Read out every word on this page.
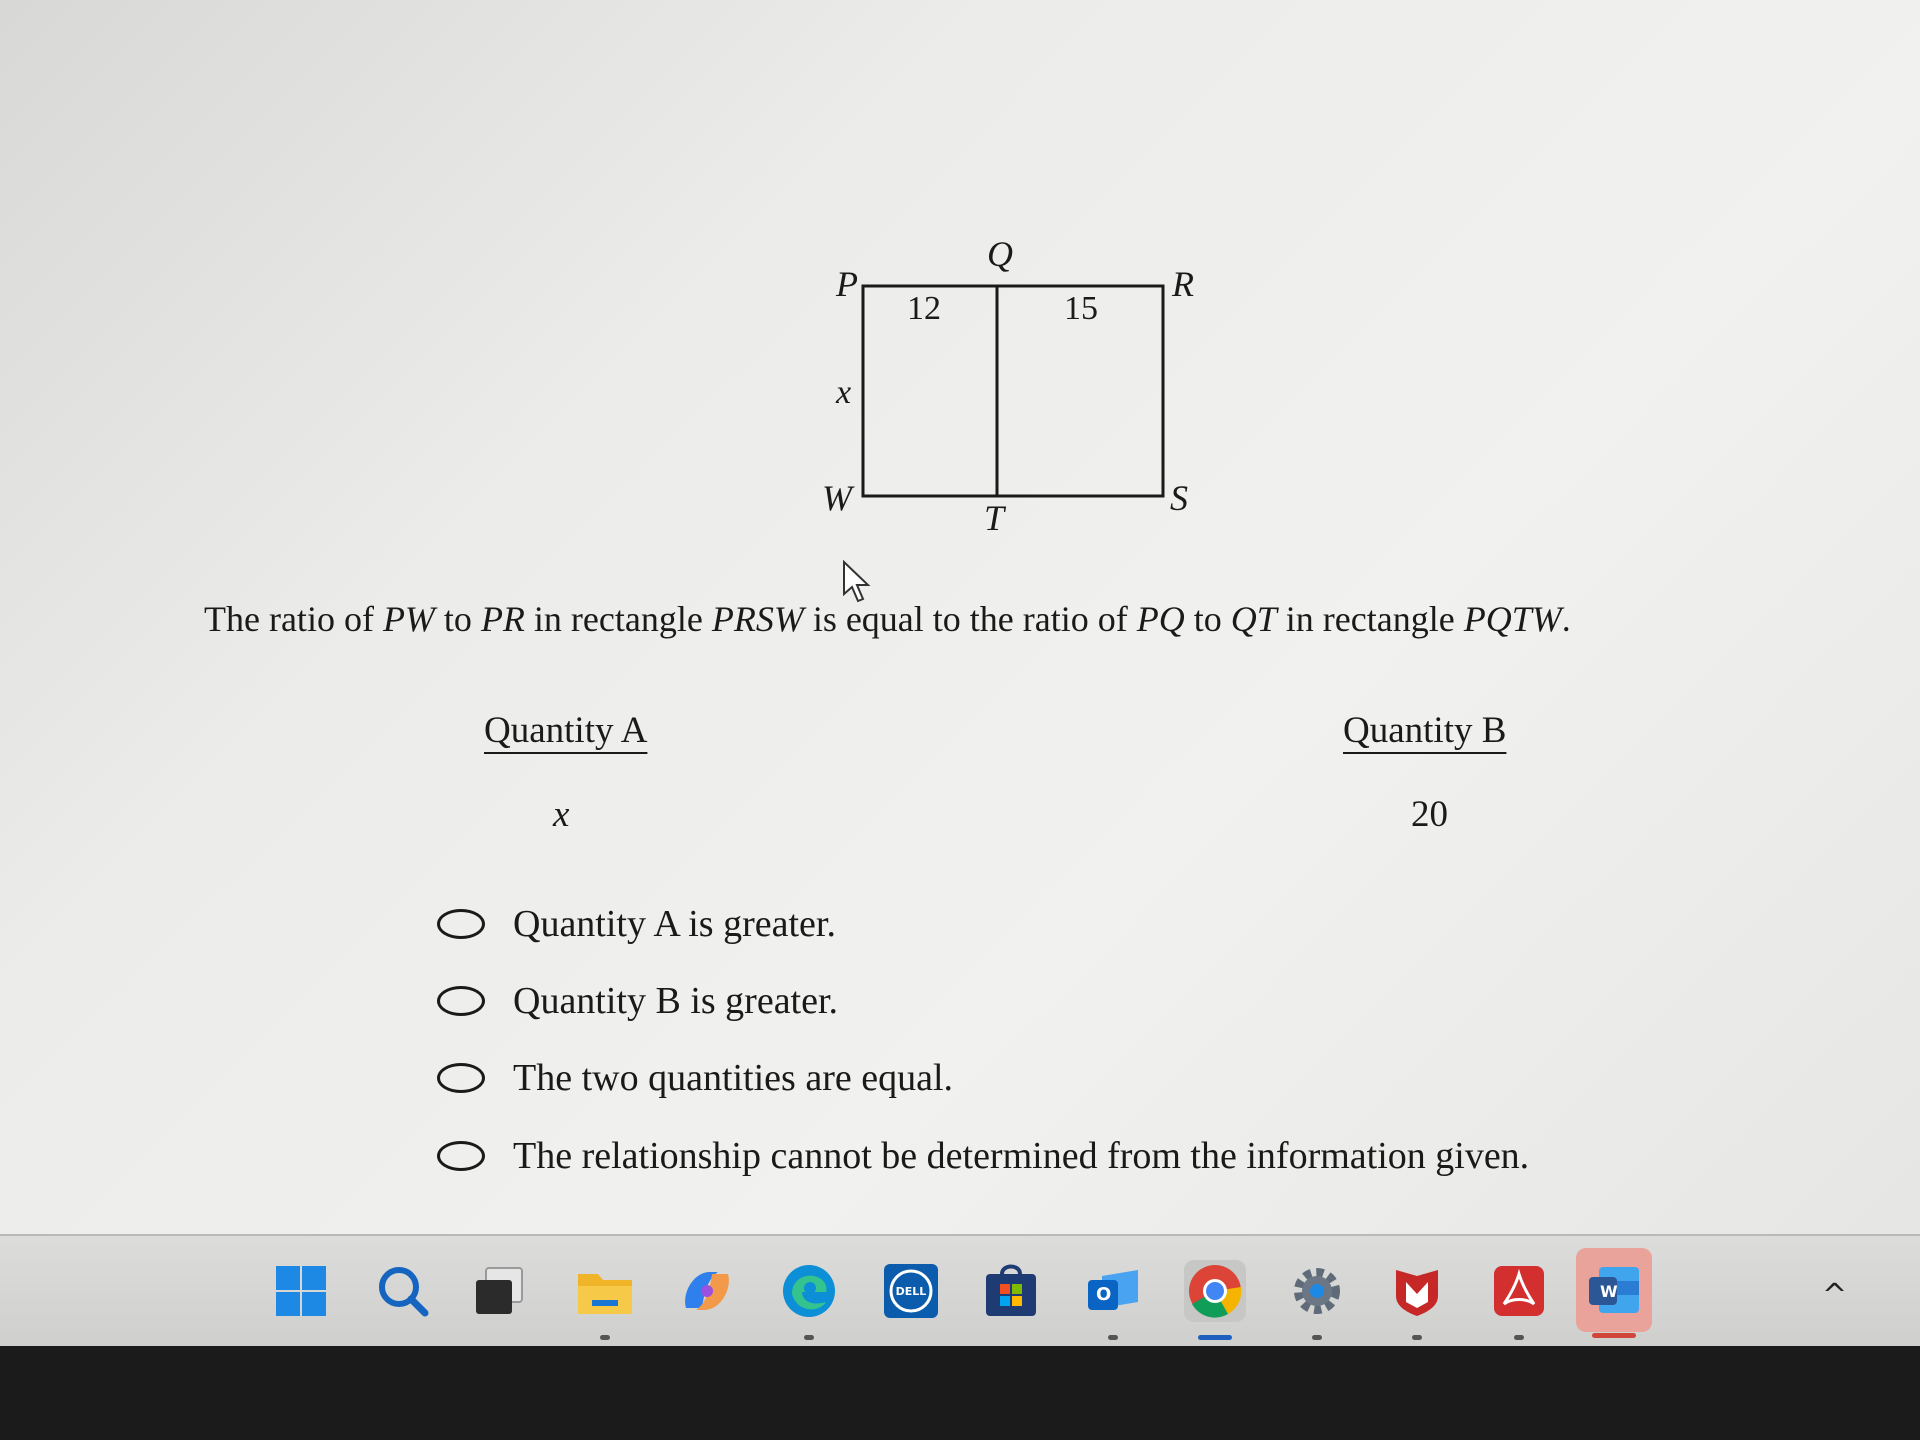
P
Q
R
S
T
W
12	15
x
The ratio of PW to PR in rectangle PRSW is equal to the ratio of PQ to QT in rectangle PQTW.
Quantity A	Quantity B
x	20
Quantity A is greater.
Quantity B is greater.
The two quantities are equal.
The relationship cannot be determined from the information given.
DELL	O	W	^
